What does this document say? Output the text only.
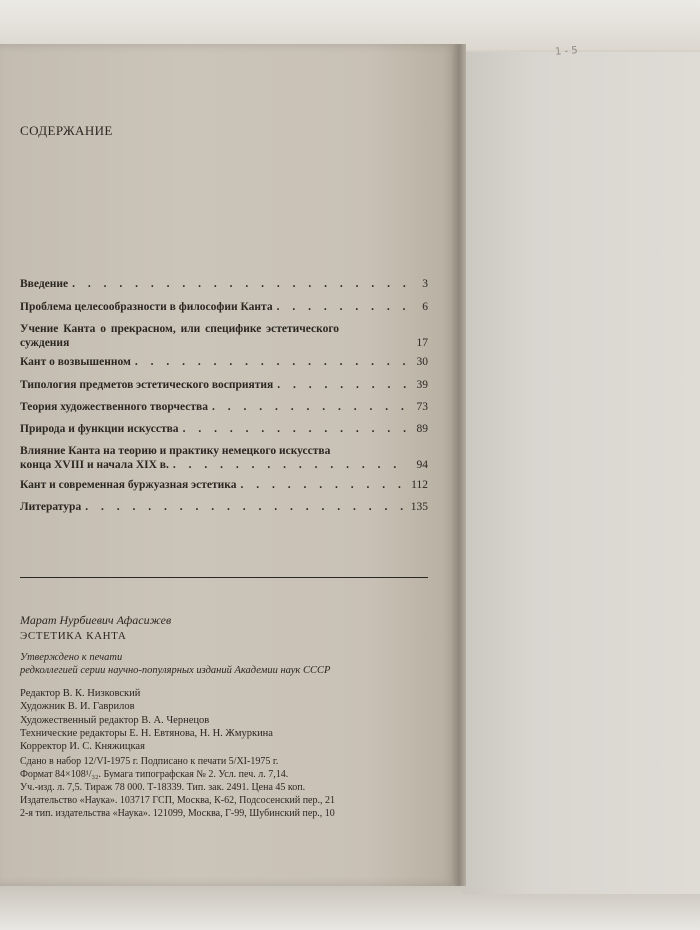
1 - 5
СОДЕРЖАНИЕ
Введение . . .	3
Проблема целесообразности в философии Канта . . .	6
Учение Канта о прекрасном, или специфике эстетического
суждения	17
Кант о возвышенном . . .	30
Типология предметов эстетического восприятия . . .	39
Теория художественного творчества . . .	73
Природа и функции искусства . . .	89
Влияние Канта на теорию и практику немецкого искусства
конца XVIII и начала XIX в. . . .	94
Кант и современная буржуазная эстетика . . .	112
Литература . . .	135
Марат Нурбиевич Афасижев
ЭСТЕТИКА КАНТА
Утверждено к печати
редколлегией серии научно-популярных изданий Академии наук СССР
Редактор В. К. Низковский
Художник В. И. Гаврилов
Художественный редактор В. А. Чернецов
Технические редакторы Е. Н. Евтянова, Н. Н. Жмуркина
Корректор И. С. Княжицкая
Сдано в набор 12/VI-1975 г. Подписано к печати 5/XI-1975 г.
Формат 84×108¹/₃₂. Бумага типографская № 2. Усл. печ. л. 7,14.
Уч.-изд. л. 7,5. Тираж 78 000. Т-18339. Тип. зак. 2491. Цена 45 коп.
Издательство «Наука». 103717 ГСП, Москва, К-62, Подсосенский пер., 21
2-я тип. издательства «Наука». 121099, Москва, Г-99, Шубинский пер., 10
